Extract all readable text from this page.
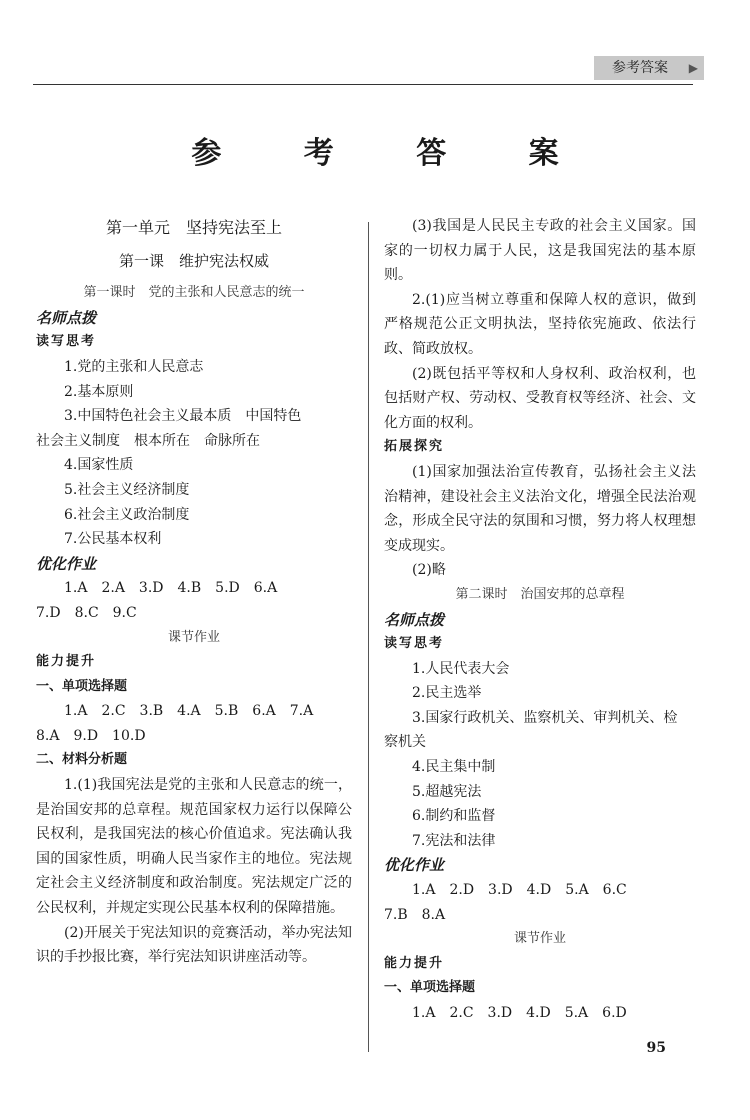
参考答案 ▶
参 考 答 案

第一单元　坚持宪法至上

第一课　维护宪法权威

第一课时　党的主张和人民意志的统一

名师点拨

读写思考

1.党的主张和人民意志

2.基本原则

3.中国特色社会主义最本质　中国特色

社会主义制度　根本所在　命脉所在

4.国家性质

5.社会主义经济制度

6.社会主义政治制度

7.公民基本权利

优化作业

1.A　2.A　3.D　4.B　5.D　6.A

7.D　8.C　9.C

课节作业

能力提升

一、单项选择题

1.A　2.C　3.B　4.A　5.B　6.A　7.A

8.A　9.D　10.D

二、材料分析题

1.(1)我国宪法是党的主张和人民意志的统一，是治国安邦的总章程。规范国家权力运行以保障公民权利，是我国宪法的核心价值追求。宪法确认我国的国家性质，明确人民当家作主的地位。宪法规定社会主义经济制度和政治制度。宪法规定广泛的公民权利，并规定实现公民基本权利的保障措施。

(2)开展关于宪法知识的竞赛活动，举办宪法知识的手抄报比赛，举行宪法知识讲座活动等。

(3)我国是人民民主专政的社会主义国家。国家的一切权力属于人民，这是我国宪法的基本原则。

2.(1)应当树立尊重和保障人权的意识，做到严格规范公正文明执法，坚持依宪施政、依法行政、简政放权。

(2)既包括平等权和人身权利、政治权利，也包括财产权、劳动权、受教育权等经济、社会、文化方面的权利。

拓展探究

(1)国家加强法治宣传教育，弘扬社会主义法治精神，建设社会主义法治文化，增强全民法治观念，形成全民守法的氛围和习惯，努力将人权理想变成现实。

(2)略

第二课时　治国安邦的总章程

名师点拨

读写思考

1.人民代表大会

2.民主选举

3.国家行政机关、监察机关、审判机关、检

察机关

4.民主集中制

5.超越宪法

6.制约和监督

7.宪法和法律

优化作业

1.A　2.D　3.D　4.D　5.A　6.C

7.B　8.A

课节作业

能力提升

一、单项选择题

1.A　2.C　3.D　4.D　5.A　6.D

95
